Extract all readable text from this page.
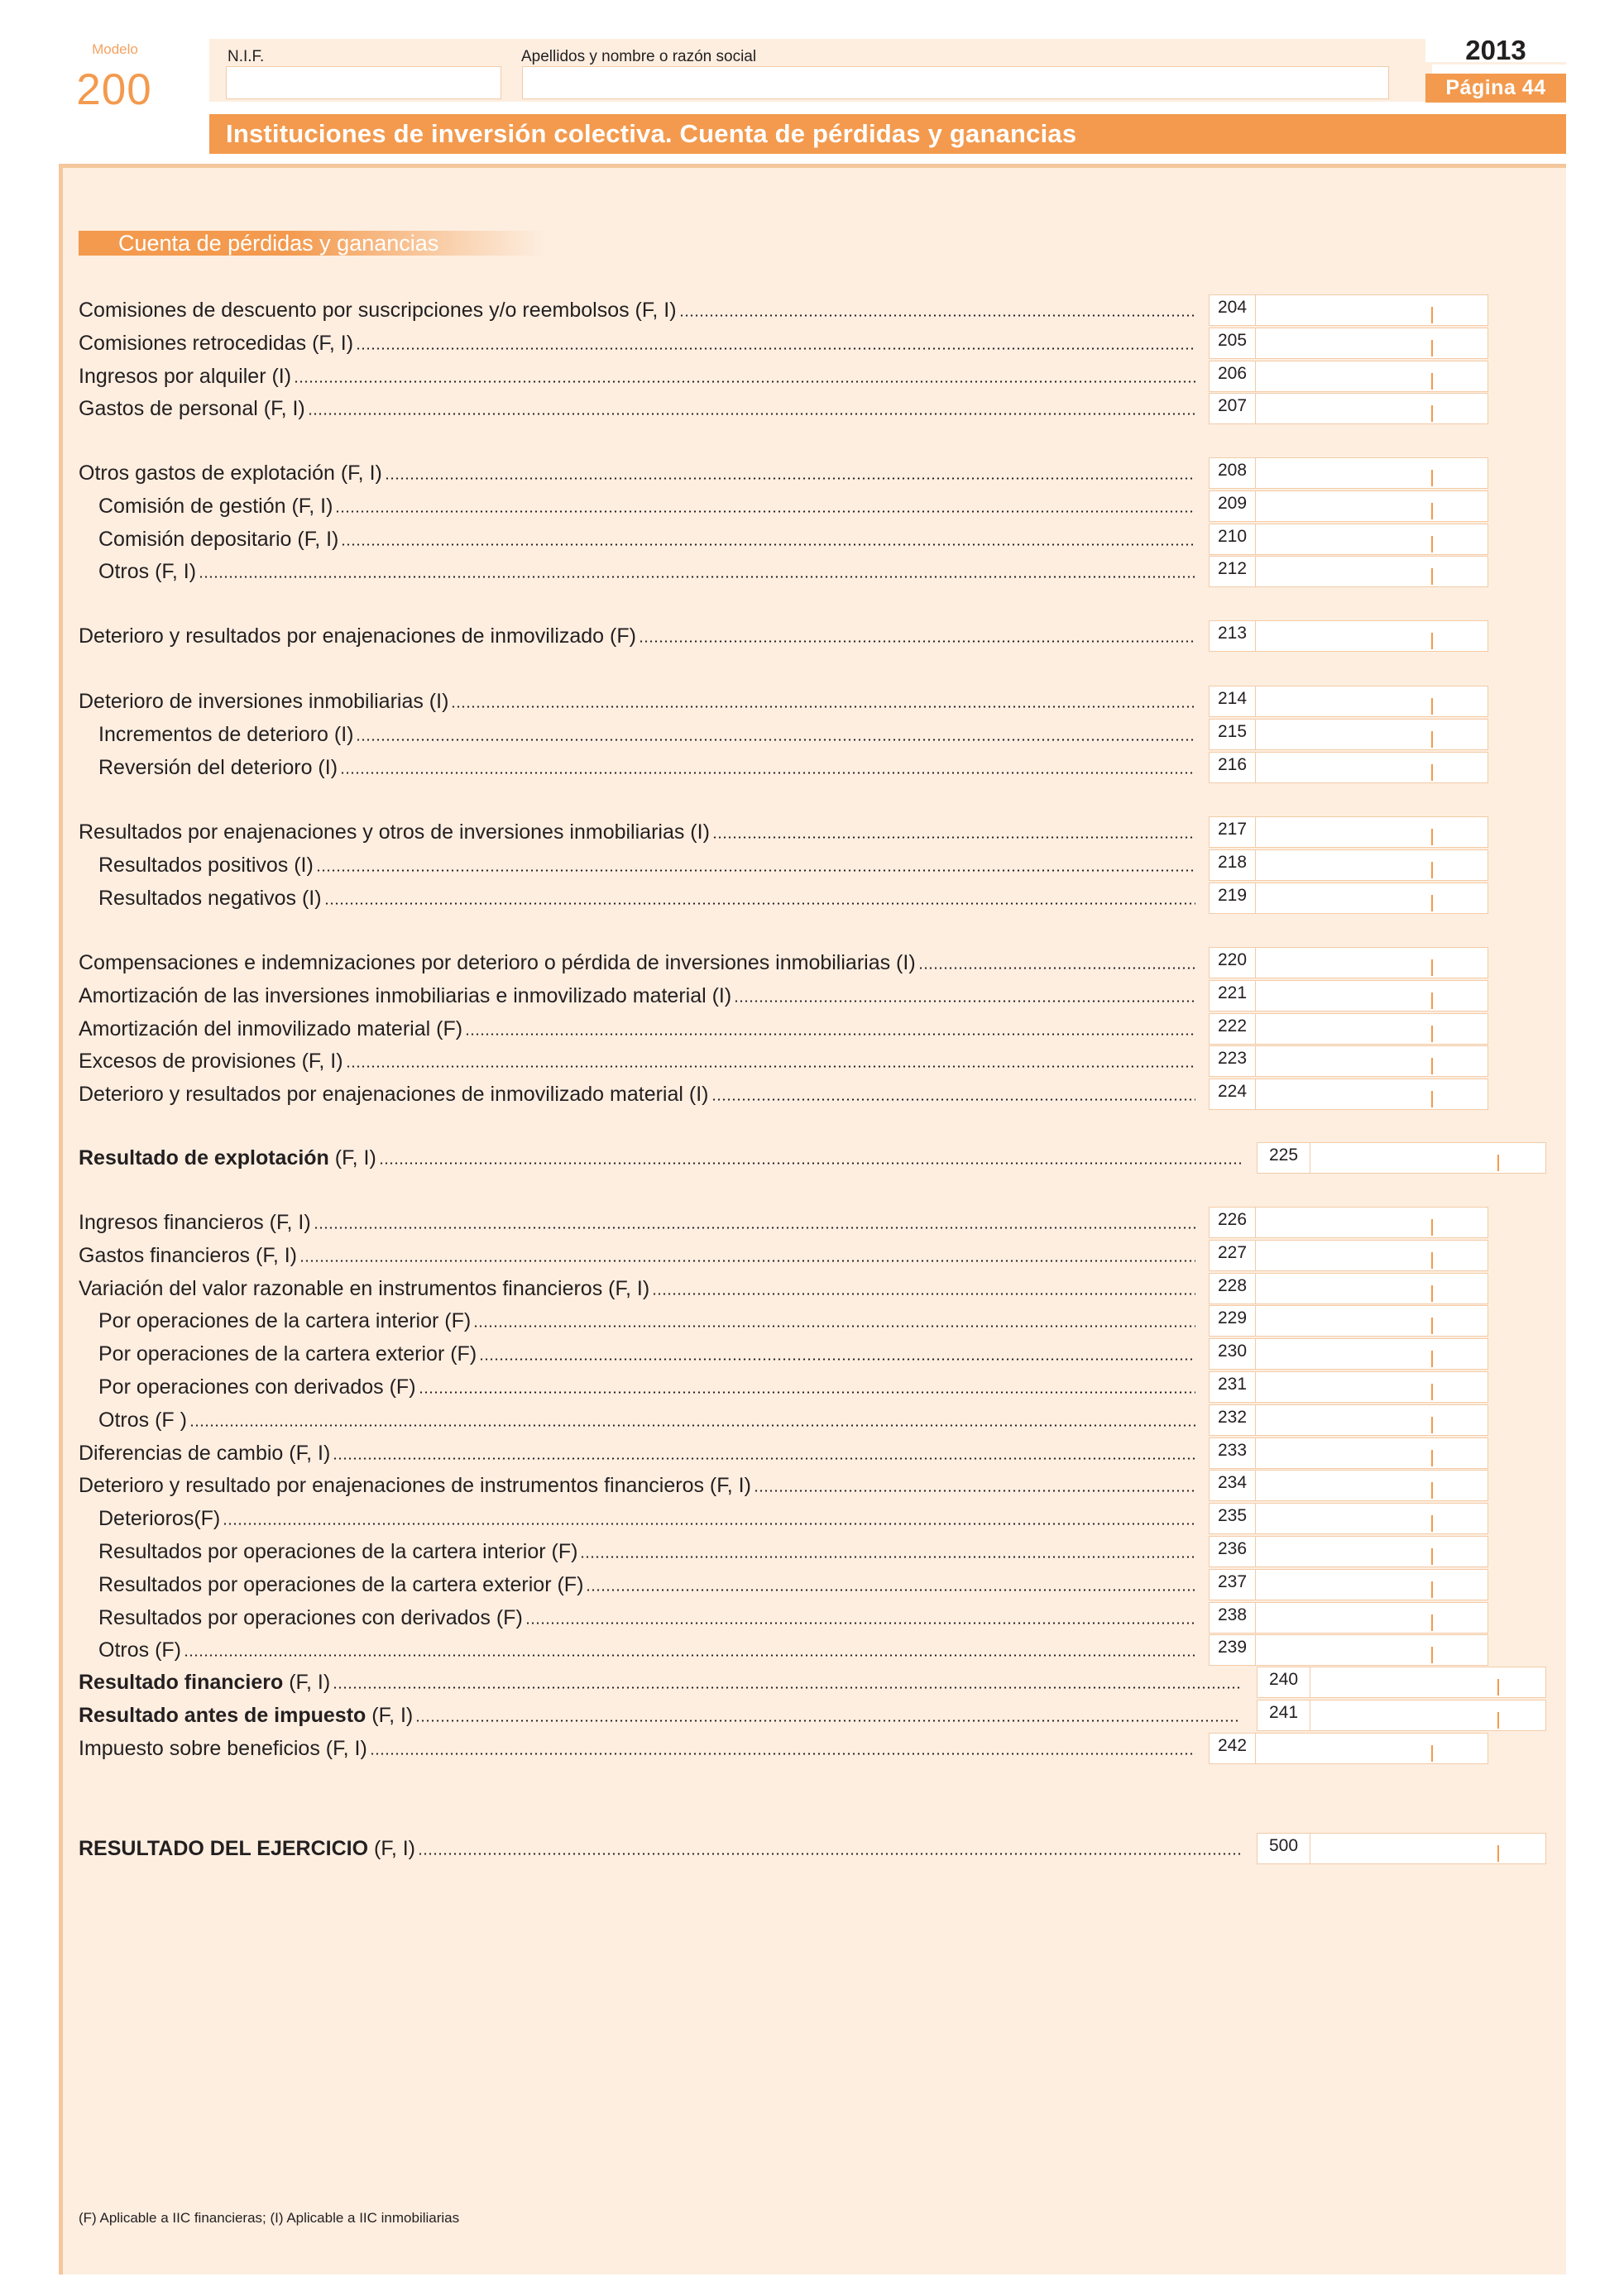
Modelo
200
N.I.F.	Apellidos y nombre o razón social	2013
Página 44
Instituciones de inversión colectiva. Cuenta de pérdidas y ganancias
Cuenta de pérdidas y ganancias
Comisiones de descuento por suscripciones y/o reembolsos (F, I)	204
Comisiones retrocedidas (F, I)	205
Ingresos por alquiler (I)	206
Gastos de personal (F, I)	207
Otros gastos de explotación (F, I)	208
Comisión de gestión (F, I)	209
Comisión depositario (F, I)	210
Otros (F, I)	212
Deterioro y resultados por enajenaciones de inmovilizado (F)	213
Deterioro de inversiones inmobiliarias (I)	214
Incrementos de deterioro (I)	215
Reversión del deterioro (I)	216
Resultados por enajenaciones y otros de inversiones inmobiliarias (I)	217
Resultados positivos (I)	218
Resultados negativos (I)	219
Compensaciones e indemnizaciones por deterioro o pérdida de inversiones inmobiliarias (I)	220
Amortización de las inversiones inmobiliarias e inmovilizado material (I)	221
Amortización del inmovilizado material (F)	222
Excesos de provisiones (F, I)	223
Deterioro y resultados por enajenaciones de inmovilizado material (I)	224
Resultado de explotación (F, I)	225
Ingresos financieros (F, I)	226
Gastos financieros (F, I)	227
Variación del valor razonable en instrumentos financieros (F, I)	228
Por operaciones de la cartera interior (F)	229
Por operaciones de la cartera exterior (F)	230
Por operaciones con derivados (F)	231
Otros (F )	232
Diferencias de cambio (F, I)	233
Deterioro y resultado por enajenaciones de instrumentos financieros (F, I)	234
Deterioros(F)	235
Resultados por operaciones de la cartera interior (F)	236
Resultados por operaciones de la cartera exterior (F)	237
Resultados por operaciones con derivados (F)	238
Otros (F)	239
Resultado financiero (F, I)	240
Resultado antes de impuesto (F, I)	241
Impuesto sobre beneficios (F, I)	242
RESULTADO DEL EJERCICIO (F, I)	500
(F) Aplicable a IIC financieras; (I) Aplicable a IIC inmobiliarias
